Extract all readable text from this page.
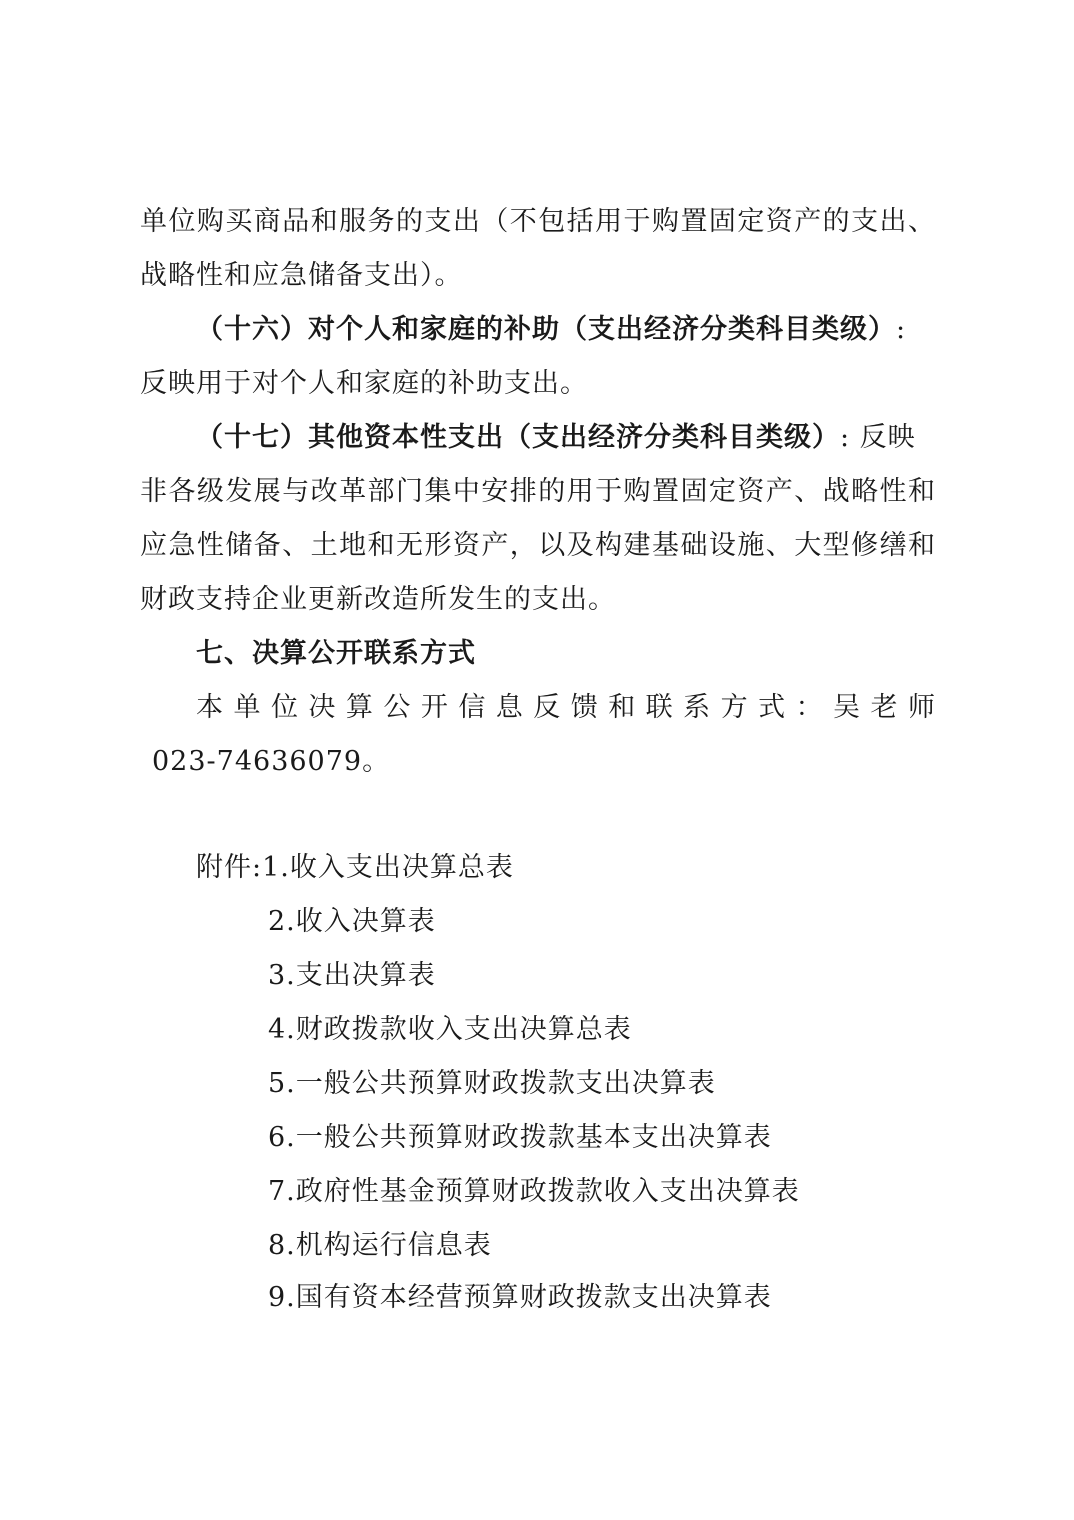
单位购买商品和服务的支出（不包括用于购置固定资产的支出、
战略性和应急储备支出）。
（十六）对个人和家庭的补助（支出经济分类科目类级）:
反映用于对个人和家庭的补助支出。
（十七）其他资本性支出（支出经济分类科目类级）: 反映
非各级发展与改革部门集中安排的用于购置固定资产、战略性和
应急性储备、土地和无形资产，以及构建基础设施、大型修缮和
财政支持企业更新改造所发生的支出。
七、决算公开联系方式
本单位决算公开信息反馈和联系方式：吴老师
023-74636079。
附件:1.收入支出决算总表
2.收入决算表
3.支出决算表
4.财政拨款收入支出决算总表
5.一般公共预算财政拨款支出决算表
6.一般公共预算财政拨款基本支出决算表
7.政府性基金预算财政拨款收入支出决算表
8.机构运行信息表
9.国有资本经营预算财政拨款支出决算表
